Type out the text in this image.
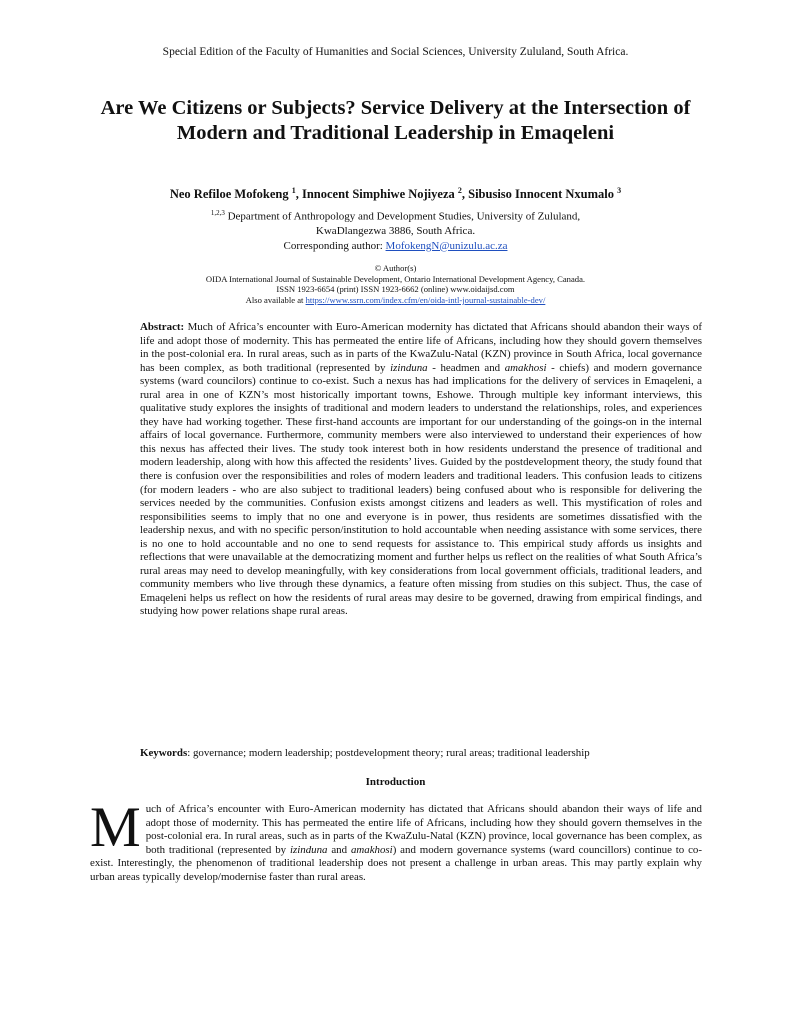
Special Edition of the Faculty of Humanities and Social Sciences, University Zululand, South Africa.
Are We Citizens or Subjects? Service Delivery at the Intersection of Modern and Traditional Leadership in Emaqeleni
Neo Refiloe Mofokeng $^1$, Innocent Simphiwe Nojiyeza $^2$, Sibusiso Innocent Nxumalo $^3$
$^{1,2,3}$ Department of Anthropology and Development Studies, University of Zululand,
KwaDlangezwa 3886, South Africa.
Corresponding author: MofokengN@unizulu.ac.za
© Author(s)
OIDA International Journal of Sustainable Development, Ontario International Development Agency, Canada.
ISSN 1923-6654 (print) ISSN 1923-6662 (online) www.oidaijsd.com
Also available at https://www.ssrn.com/index.cfm/en/oida-intl-journal-sustainable-dev/

Abstract: Much of Africa’s encounter with Euro-American modernity has dictated that Africans should abandon their ways of life and adopt those of modernity. This has permeated the entire life of Africans, including how they should govern themselves in the post-colonial era. In rural areas, such as in parts of the KwaZulu-Natal (KZN) province in South Africa, local governance has been complex, as both traditional (represented by izinduna - headmen and amakhosi - chiefs) and modern governance systems (ward councilors) continue to co-exist. Such a nexus has had implications for the delivery of services in Emaqeleni, a rural area in one of KZN’s most historically important towns, Eshowe. Through multiple key informant interviews, this qualitative study explores the insights of traditional and modern leaders to understand the relationships, roles, and experiences they have had working together. These first-hand accounts are important for our understanding of the goings-on in the internal affairs of local governance. Furthermore, community members were also interviewed to understand their experiences of how this nexus has affected their lives. The study took interest both in how residents understand the presence of traditional and modern leadership, along with how this affected the residents’ lives. Guided by the postdevelopment theory, the study found that there is confusion over the responsibilities and roles of modern leaders and traditional leaders. This confusion leads to citizens (for modern leaders - who are also subject to traditional leaders) being confused about who is responsible for delivering the services needed by the communities. Confusion exists amongst citizens and leaders as well. This mystification of roles and responsibilities seems to imply that no one and everyone is in power, thus residents are sometimes dissatisfied with the leadership nexus, and with no specific person/institution to hold accountable when needing assistance with some services, there is no one to hold accountable and no one to send requests for assistance to. This empirical study affords us insights and reflections that were unavailable at the democratizing moment and further helps us reflect on the realities of what South Africa’s rural areas may need to develop meaningfully, with key considerations from local government officials, traditional leaders, and community members who live through these dynamics, a feature often missing from studies on this subject. Thus, the case of Emaqeleni helps us reflect on how the residents of rural areas may desire to be governed, drawing from empirical findings, and studying how power relations shape rural areas.

Keywords: governance; modern leadership; postdevelopment theory; rural areas; traditional leadership

Introduction

Much of Africa’s encounter with Euro-American modernity has dictated that Africans should abandon their ways of life and adopt those of modernity. This has permeated the entire life of Africans, including how they should govern themselves in the post-colonial era. In rural areas, such as in parts of the KwaZulu-Natal (KZN) province, local governance has been complex, as both traditional (represented by izinduna and amakhosi) and modern governance systems (ward councillors) continue to co-exist. Interestingly, the phenomenon of traditional leadership does not present a challenge in urban areas. This may partly explain why urban areas typically develop/modernise faster than rural areas.
